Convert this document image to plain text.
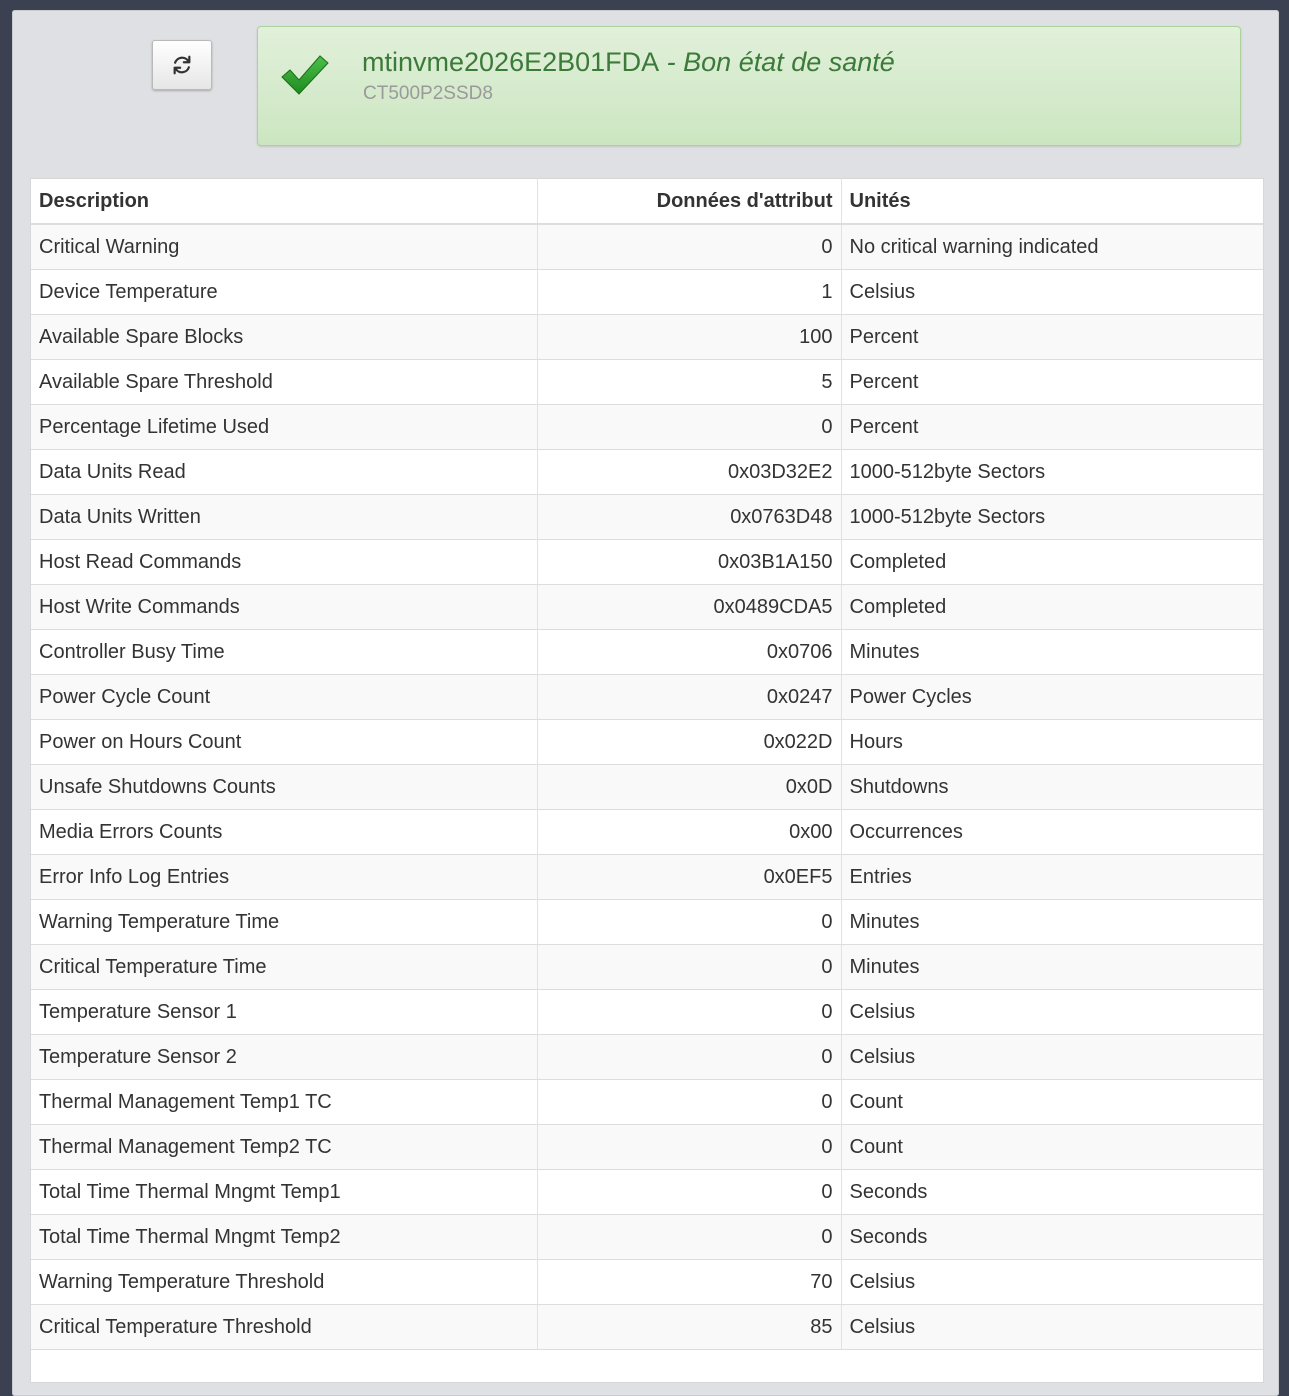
mtinvme2026E2B01FDA - Bon état de santé
CT500P2SSD8
Description	Données d'attribut	Unités
Critical Warning	0	No critical warning indicated
Device Temperature	1	Celsius
Available Spare Blocks	100	Percent
Available Spare Threshold	5	Percent
Percentage Lifetime Used	0	Percent
Data Units Read	0x03D32E2	1000-512byte Sectors
Data Units Written	0x0763D48	1000-512byte Sectors
Host Read Commands	0x03B1A150	Completed
Host Write Commands	0x0489CDA5	Completed
Controller Busy Time	0x0706	Minutes
Power Cycle Count	0x0247	Power Cycles
Power on Hours Count	0x022D	Hours
Unsafe Shutdowns Counts	0x0D	Shutdowns
Media Errors Counts	0x00	Occurrences
Error Info Log Entries	0x0EF5	Entries
Warning Temperature Time	0	Minutes
Critical Temperature Time	0	Minutes
Temperature Sensor 1	0	Celsius
Temperature Sensor 2	0	Celsius
Thermal Management Temp1 TC	0	Count
Thermal Management Temp2 TC	0	Count
Total Time Thermal Mngmt Temp1	0	Seconds
Total Time Thermal Mngmt Temp2	0	Seconds
Warning Temperature Threshold	70	Celsius
Critical Temperature Threshold	85	Celsius
